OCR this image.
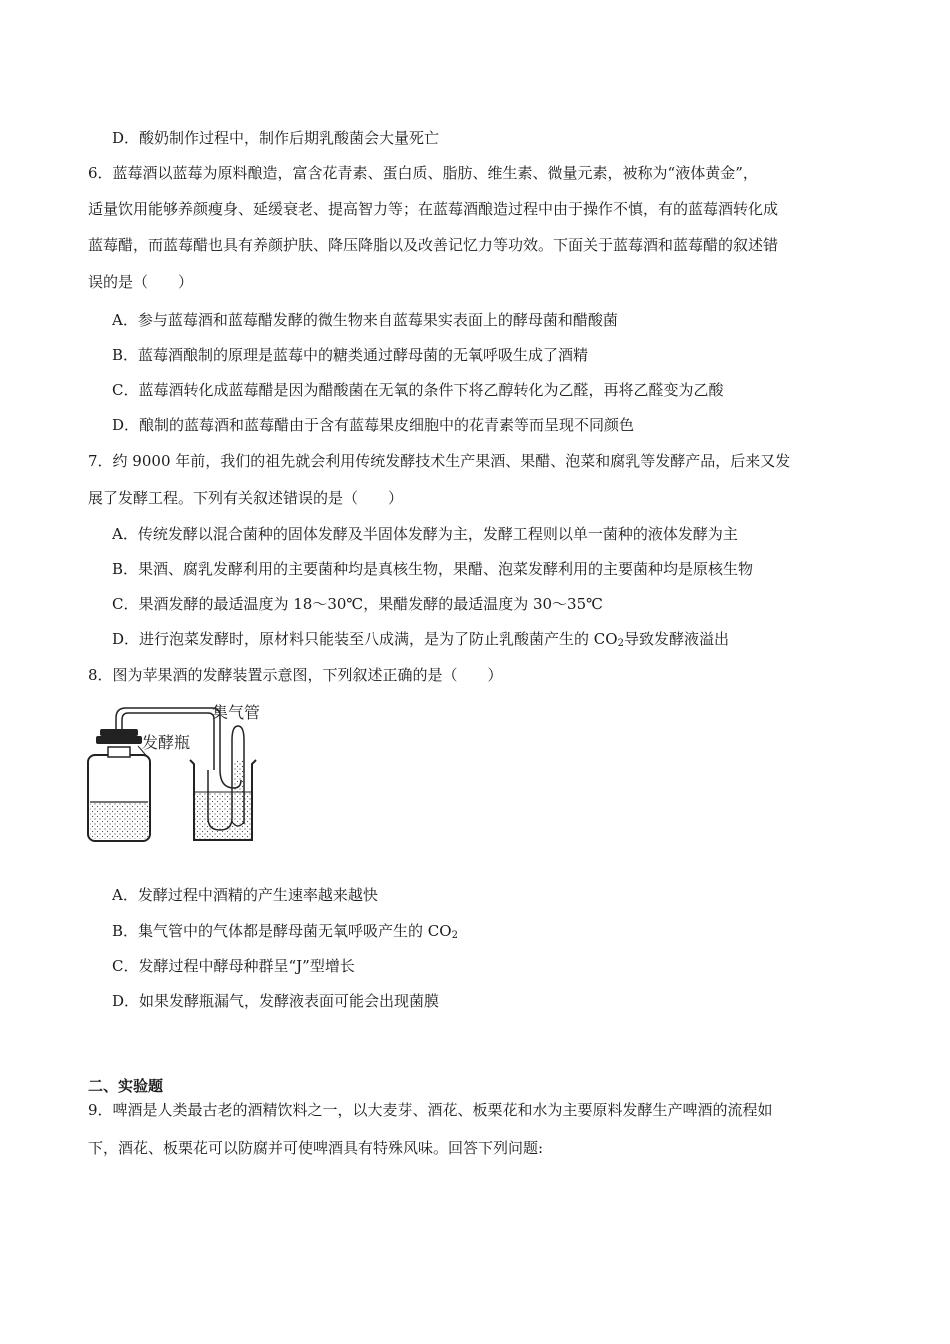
D．酸奶制作过程中，制作后期乳酸菌会大量死亡
6．蓝莓酒以蓝莓为原料酿造，富含花青素、蛋白质、脂肪、维生素、微量元素，被称为“液体黄金”，
适量饮用能够养颜瘦身、延缓衰老、提高智力等；在蓝莓酒酿造过程中由于操作不慎，有的蓝莓酒转化成
蓝莓醋，而蓝莓醋也具有养颜护肤、降压降脂以及改善记忆力等功效。下面关于蓝莓酒和蓝莓醋的叙述错
误的是（　　）
A．参与蓝莓酒和蓝莓醋发酵的微生物来自蓝莓果实表面上的酵母菌和醋酸菌
B．蓝莓酒酿制的原理是蓝莓中的糖类通过酵母菌的无氧呼吸生成了酒精
C．蓝莓酒转化成蓝莓醋是因为醋酸菌在无氧的条件下将乙醇转化为乙醛，再将乙醛变为乙酸
D．酿制的蓝莓酒和蓝莓醋由于含有蓝莓果皮细胞中的花青素等而呈现不同颜色
7．约 9000 年前，我们的祖先就会利用传统发酵技术生产果酒、果醋、泡菜和腐乳等发酵产品，后来又发
展了发酵工程。下列有关叙述错误的是（　　）
A．传统发酵以混合菌种的固体发酵及半固体发酵为主，发酵工程则以单一菌种的液体发酵为主
B．果酒、腐乳发酵利用的主要菌种均是真核生物，果醋、泡菜发酵利用的主要菌种均是原核生物
C．果酒发酵的最适温度为 18～30℃，果醋发酵的最适温度为 30～35℃
D．进行泡菜发酵时，原材料只能装至八成满，是为了防止乳酸菌产生的 $CO_2$导致发酵液溢出
8．图为苹果酒的发酵装置示意图，下列叙述正确的是（　　）
发酵瓶
集气管
A．发酵过程中酒精的产生速率越来越快
B．集气管中的气体都是酵母菌无氧呼吸产生的 $CO_2$
C．发酵过程中酵母种群呈“J”型增长
D．如果发酵瓶漏气，发酵液表面可能会出现菌膜
二、实验题
9．啤酒是人类最古老的酒精饮料之一，以大麦芽、酒花、板栗花和水为主要原料发酵生产啤酒的流程如
下，酒花、板栗花可以防腐并可使啤酒具有特殊风味。回答下列问题:
